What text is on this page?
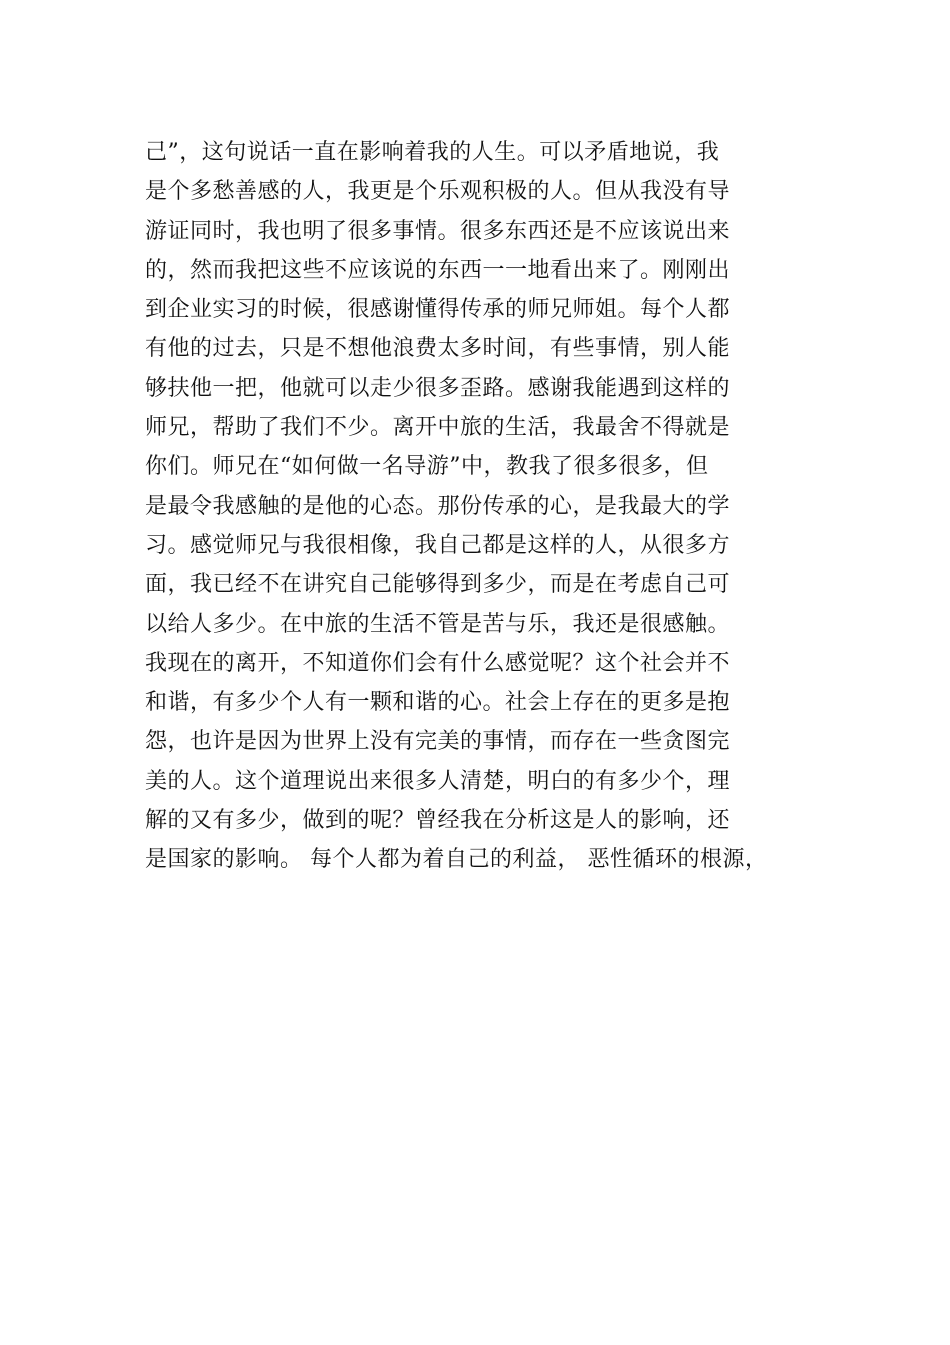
己”，这句说话一直在影响着我的人生。可以矛盾地说，我
是个多愁善感的人，我更是个乐观积极的人。但从我没有导
游证同时，我也明了很多事情。很多东西还是不应该说出来
的，然而我把这些不应该说的东西一一地看出来了。刚刚出
到企业实习的时候，很感谢懂得传承的师兄师姐。每个人都
有他的过去，只是不想他浪费太多时间，有些事情，别人能
够扶他一把，他就可以走少很多歪路。感谢我能遇到这样的
师兄，帮助了我们不少。离开中旅的生活，我最舍不得就是
你们。师兄在“如何做一名导游”中，教我了很多很多，但
是最令我感触的是他的心态。那份传承的心，是我最大的学
习。感觉师兄与我很相像，我自己都是这样的人，从很多方
面，我已经不在讲究自己能够得到多少，而是在考虑自己可
以给人多少。在中旅的生活不管是苦与乐，我还是很感触。
我现在的离开，不知道你们会有什么感觉呢？这个社会并不
和谐，有多少个人有一颗和谐的心。社会上存在的更多是抱
怨，也许是因为世界上没有完美的事情，而存在一些贪图完
美的人。这个道理说出来很多人清楚，明白的有多少个，理
解的又有多少，做到的呢？曾经我在分析这是人的影响，还
是国家的影响。 每个人都为着自己的利益， 恶性循环的根源，
